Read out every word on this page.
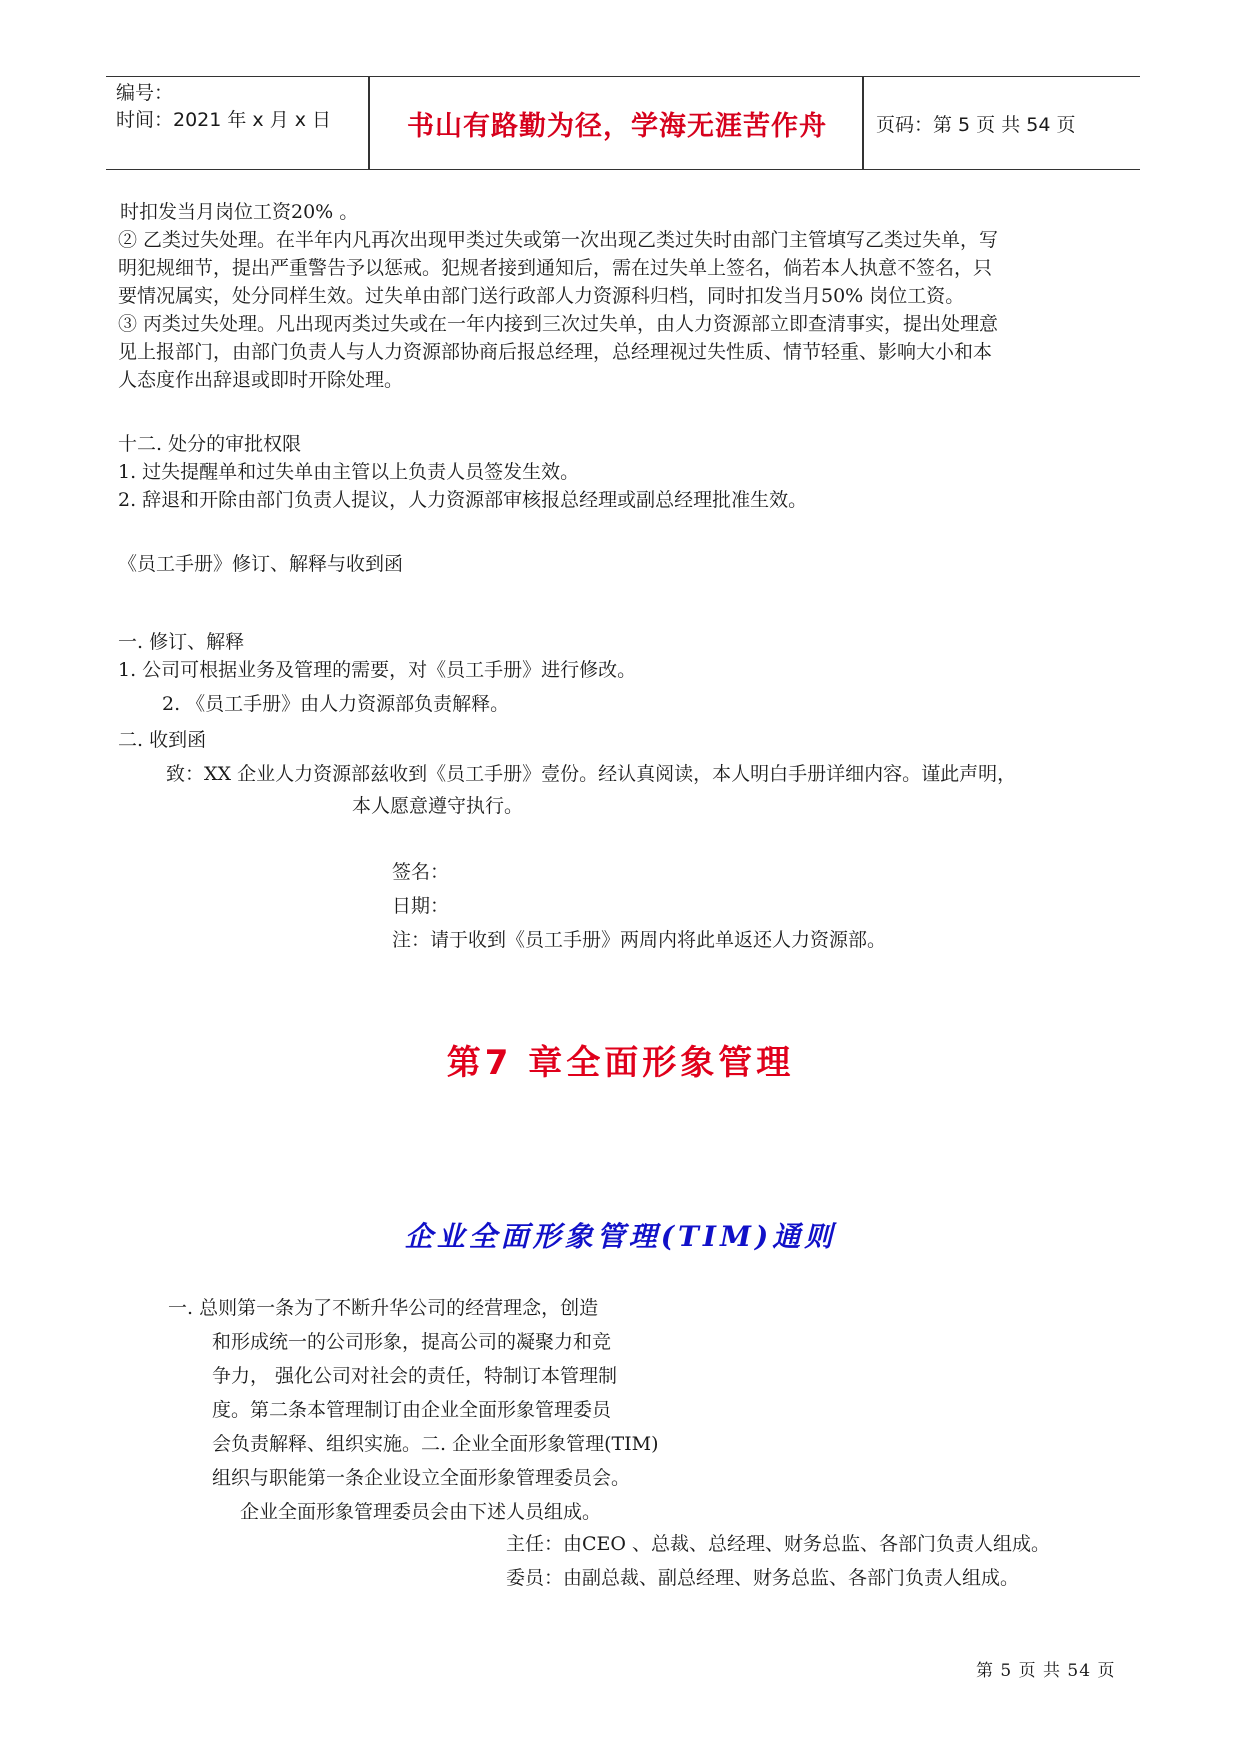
编号：
时间：2021 年 x 月 x 日	书山有路勤为径，学海无涯苦作舟	页码：第 5 页 共 54 页
时扣发当月岗位工资20% 。
② 乙类过失处理。在半年内凡再次出现甲类过失或第一次出现乙类过失时由部门主管填写乙类过失单，写
明犯规细节，提出严重警告予以惩戒。犯规者接到通知后，需在过失单上签名，倘若本人执意不签名，只
要情况属实，处分同样生效。过失单由部门送行政部人力资源科归档，同时扣发当月50% 岗位工资。
③ 丙类过失处理。凡出现丙类过失或在一年内接到三次过失单，由人力资源部立即查清事实，提出处理意
见上报部门，由部门负责人与人力资源部协商后报总经理，总经理视过失性质、情节轻重、影响大小和本
人态度作出辞退或即时开除处理。
十二. 处分的审批权限
1. 过失提醒单和过失单由主管以上负责人员签发生效。
2. 辞退和开除由部门负责人提议，人力资源部审核报总经理或副总经理批准生效。
《员工手册》修订、解释与收到函
一. 修订、解释
1. 公司可根据业务及管理的需要，对《员工手册》进行修改。
2. 《员工手册》由人力资源部负责解释。
二. 收到函
致：XX 企业人力资源部兹收到《员工手册》壹份。经认真阅读，本人明白手册详细内容。谨此声明，
本人愿意遵守执行。
签名：
日期：
注：请于收到《员工手册》两周内将此单返还人力资源部。
第7 章全面形象管理
企业全面形象管理(TIM)通则
一. 总则第一条为了不断升华公司的经营理念，创造
和形成统一的公司形象，提高公司的凝聚力和竞
争力， 强化公司对社会的责任，特制订本管理制
度。第二条本管理制订由企业全面形象管理委员
会负责解释、组织实施。二. 企业全面形象管理(TIM)
组织与职能第一条企业设立全面形象管理委员会。
企业全面形象管理委员会由下述人员组成。
主任：由CEO 、总裁、总经理、财务总监、各部门负责人组成。
委员：由副总裁、副总经理、财务总监、各部门负责人组成。
第 5 页 共 54 页
